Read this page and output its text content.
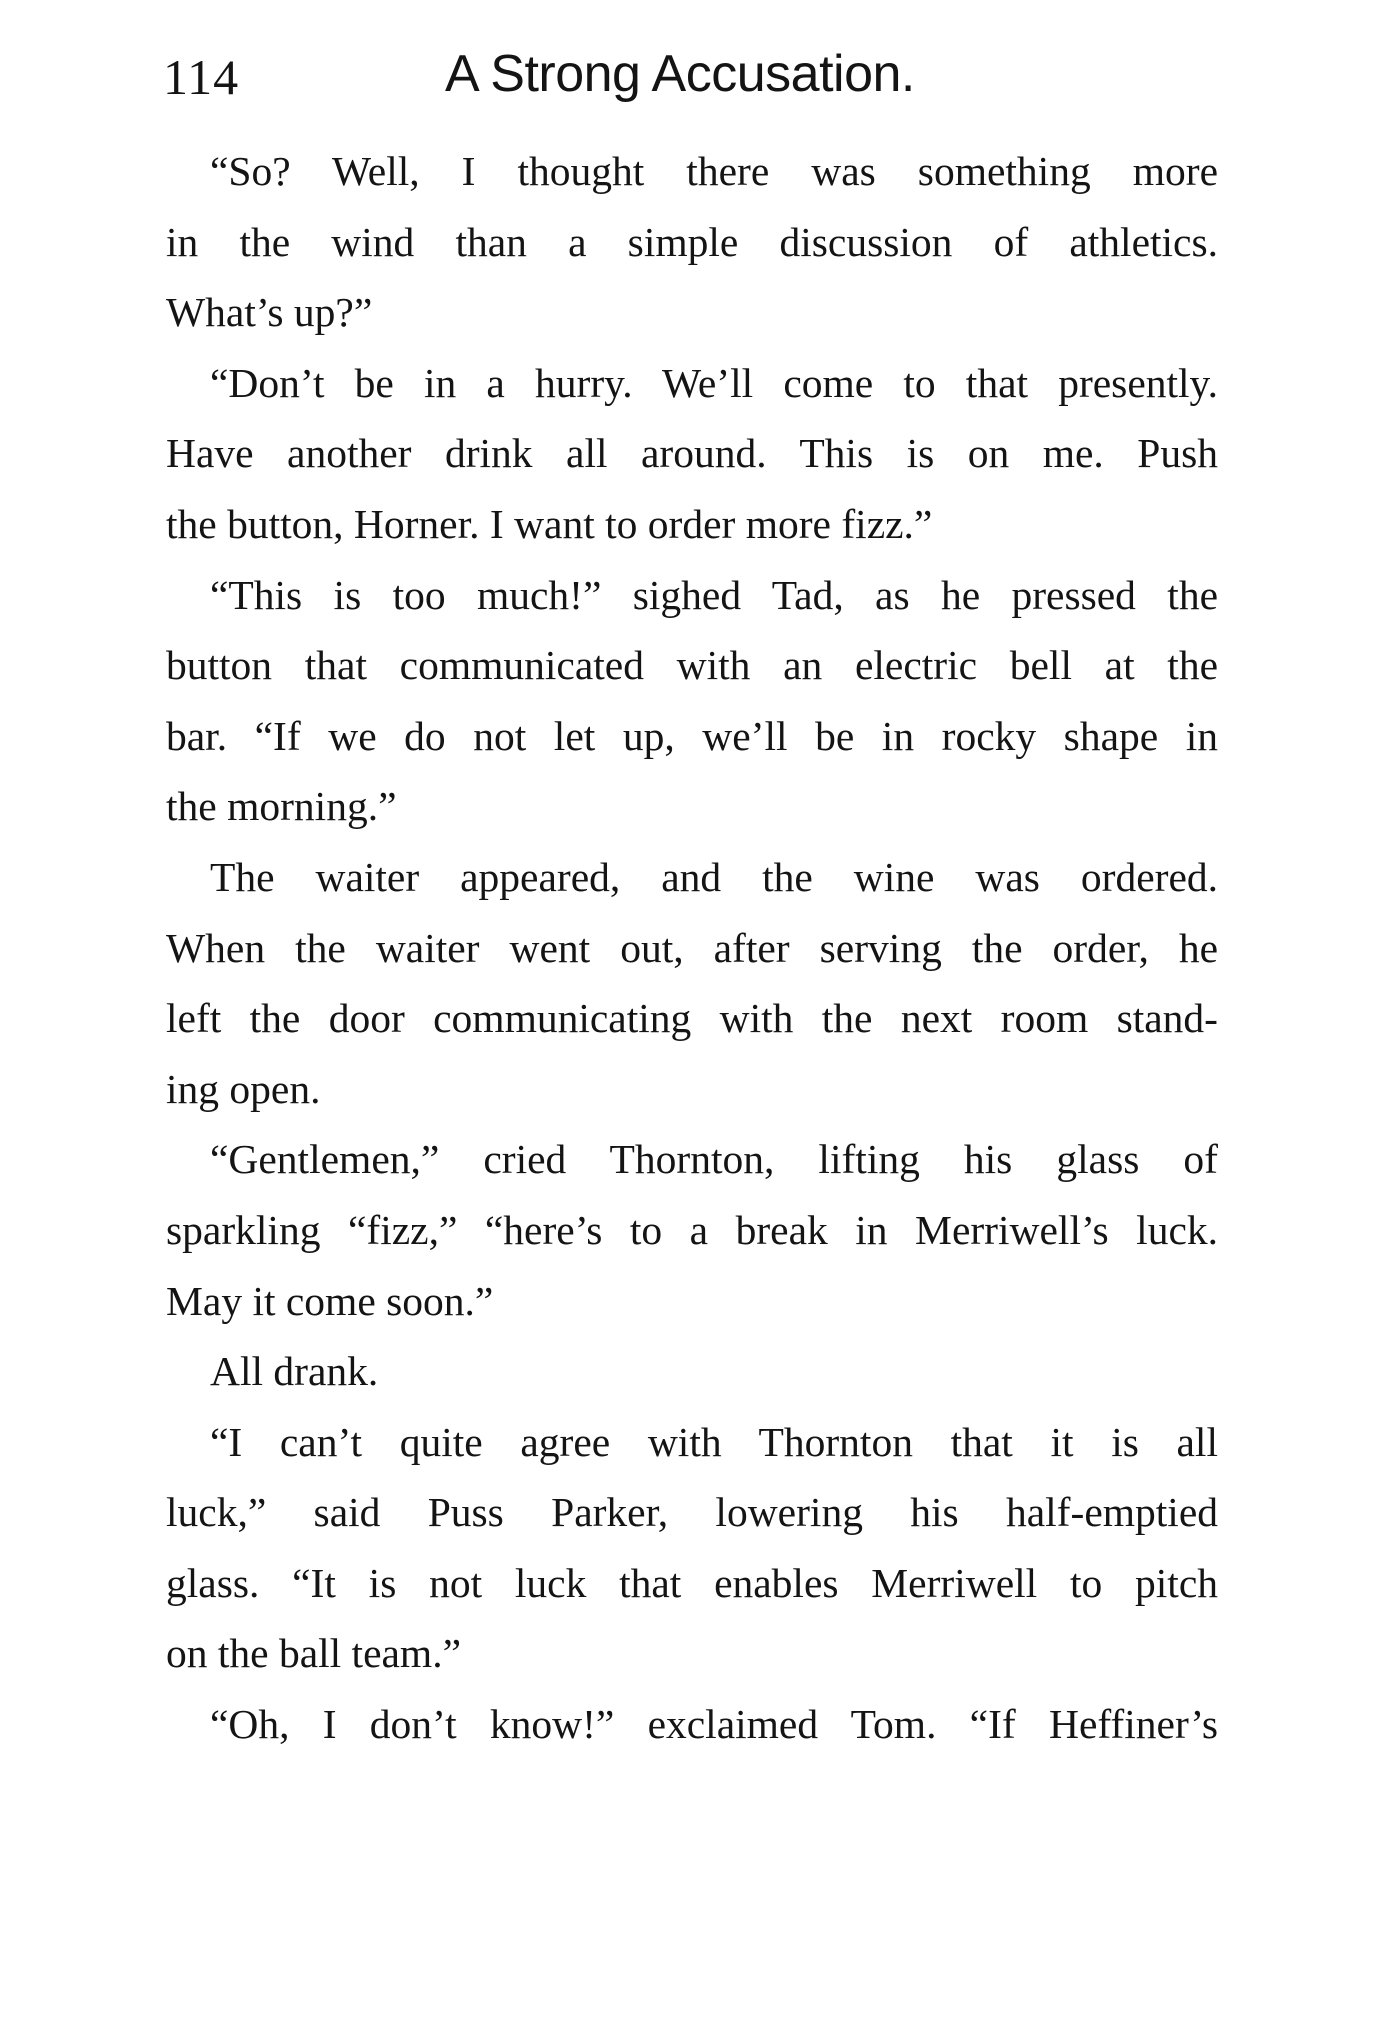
114	A Strong Accusation.
“So? Well, I thought there was something more
in the wind than a simple discussion of athletics.
What’s up?”
“Don’t be in a hurry. We’ll come to that presently.
Have another drink all around. This is on me. Push
the button, Horner. I want to order more fizz.”
“This is too much!” sighed Tad, as he pressed the
button that communicated with an electric bell at the
bar. “If we do not let up, we’ll be in rocky shape in
the morning.”
The waiter appeared, and the wine was ordered.
When the waiter went out, after serving the order, he
left the door communicating with the next room stand-
ing open.
“Gentlemen,” cried Thornton, lifting his glass of
sparkling “fizz,” “here’s to a break in Merriwell’s luck.
May it come soon.”
All drank.
“I can’t quite agree with Thornton that it is all
luck,” said Puss Parker, lowering his half-emptied
glass. “It is not luck that enables Merriwell to pitch
on the ball team.”
“Oh, I don’t know!” exclaimed Tom. “If Heffiner’s
